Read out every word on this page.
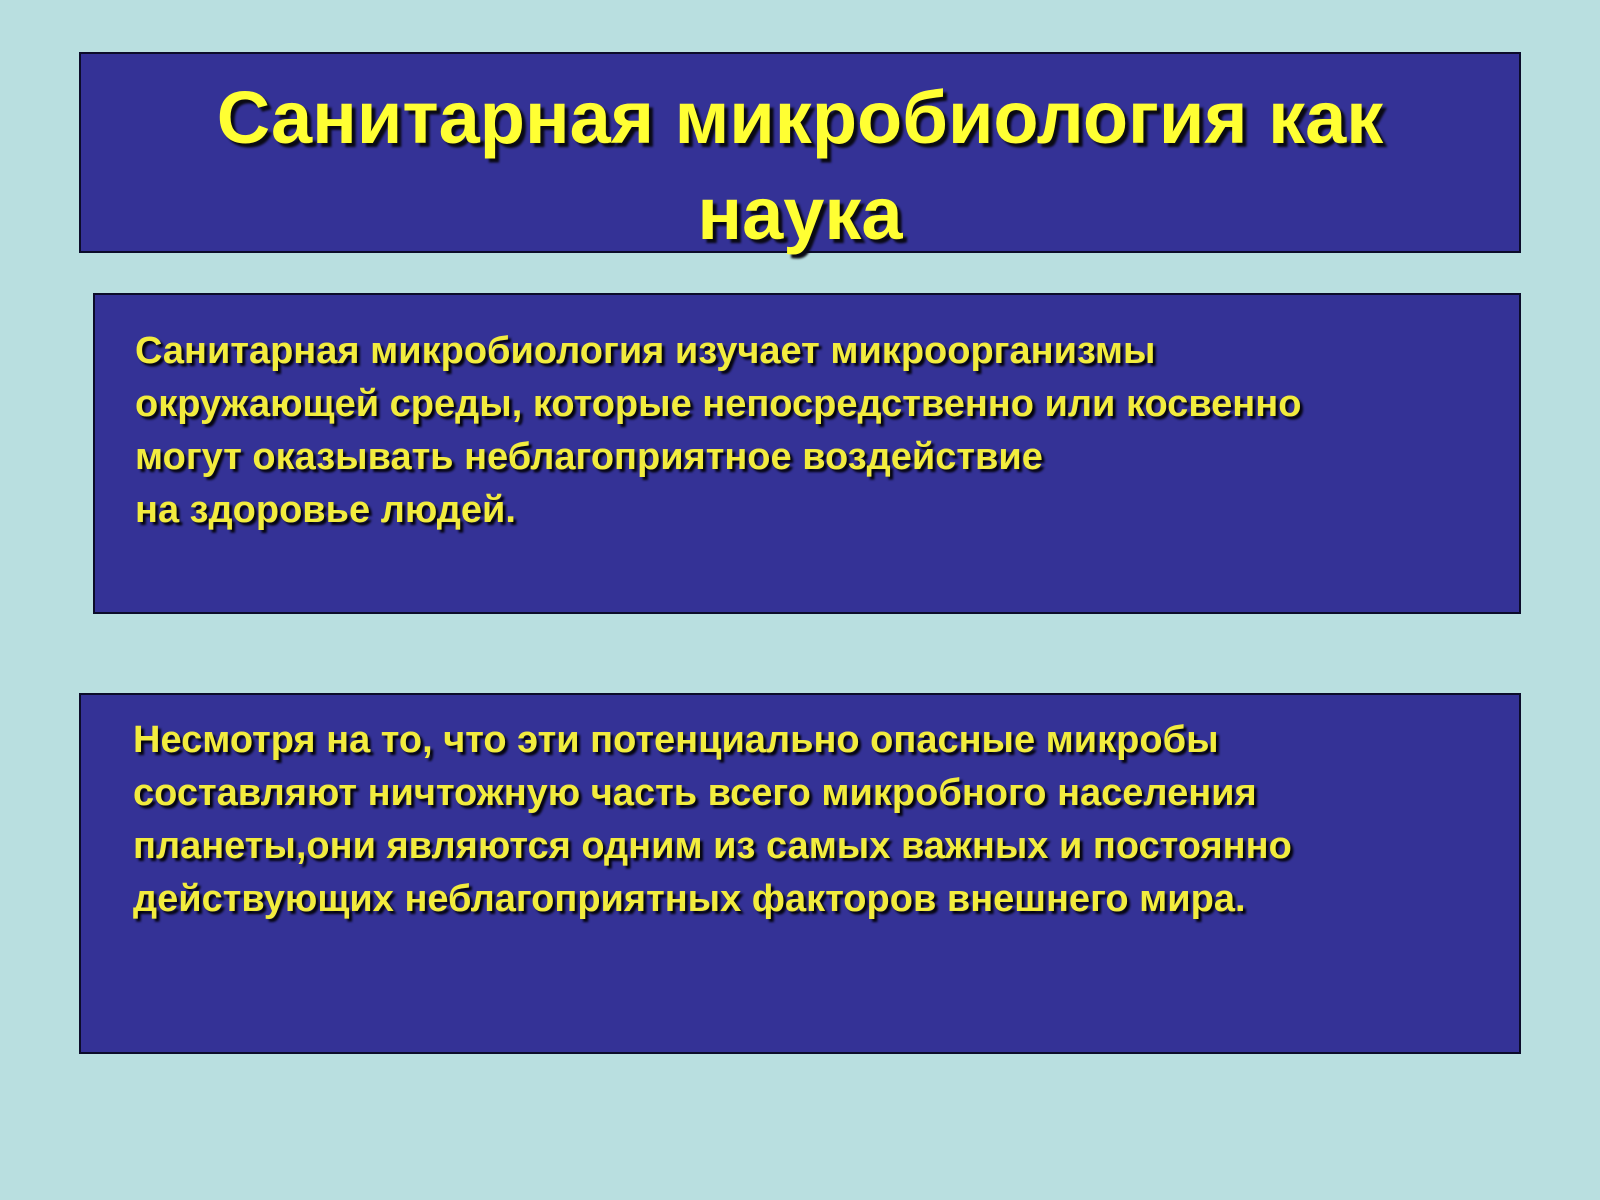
Санитарная микробиология как
наука

Санитарная микробиология изучает микроорганизмы
окружающей среды, которые непосредственно или косвенно
могут оказывать неблагоприятное воздействие
на здоровье людей.

Несмотря на то, что эти потенциально опасные микробы
составляют ничтожную часть всего микробного населения
планеты,они являются одним из самых важных и постоянно
действующих неблагоприятных факторов внешнего мира.
